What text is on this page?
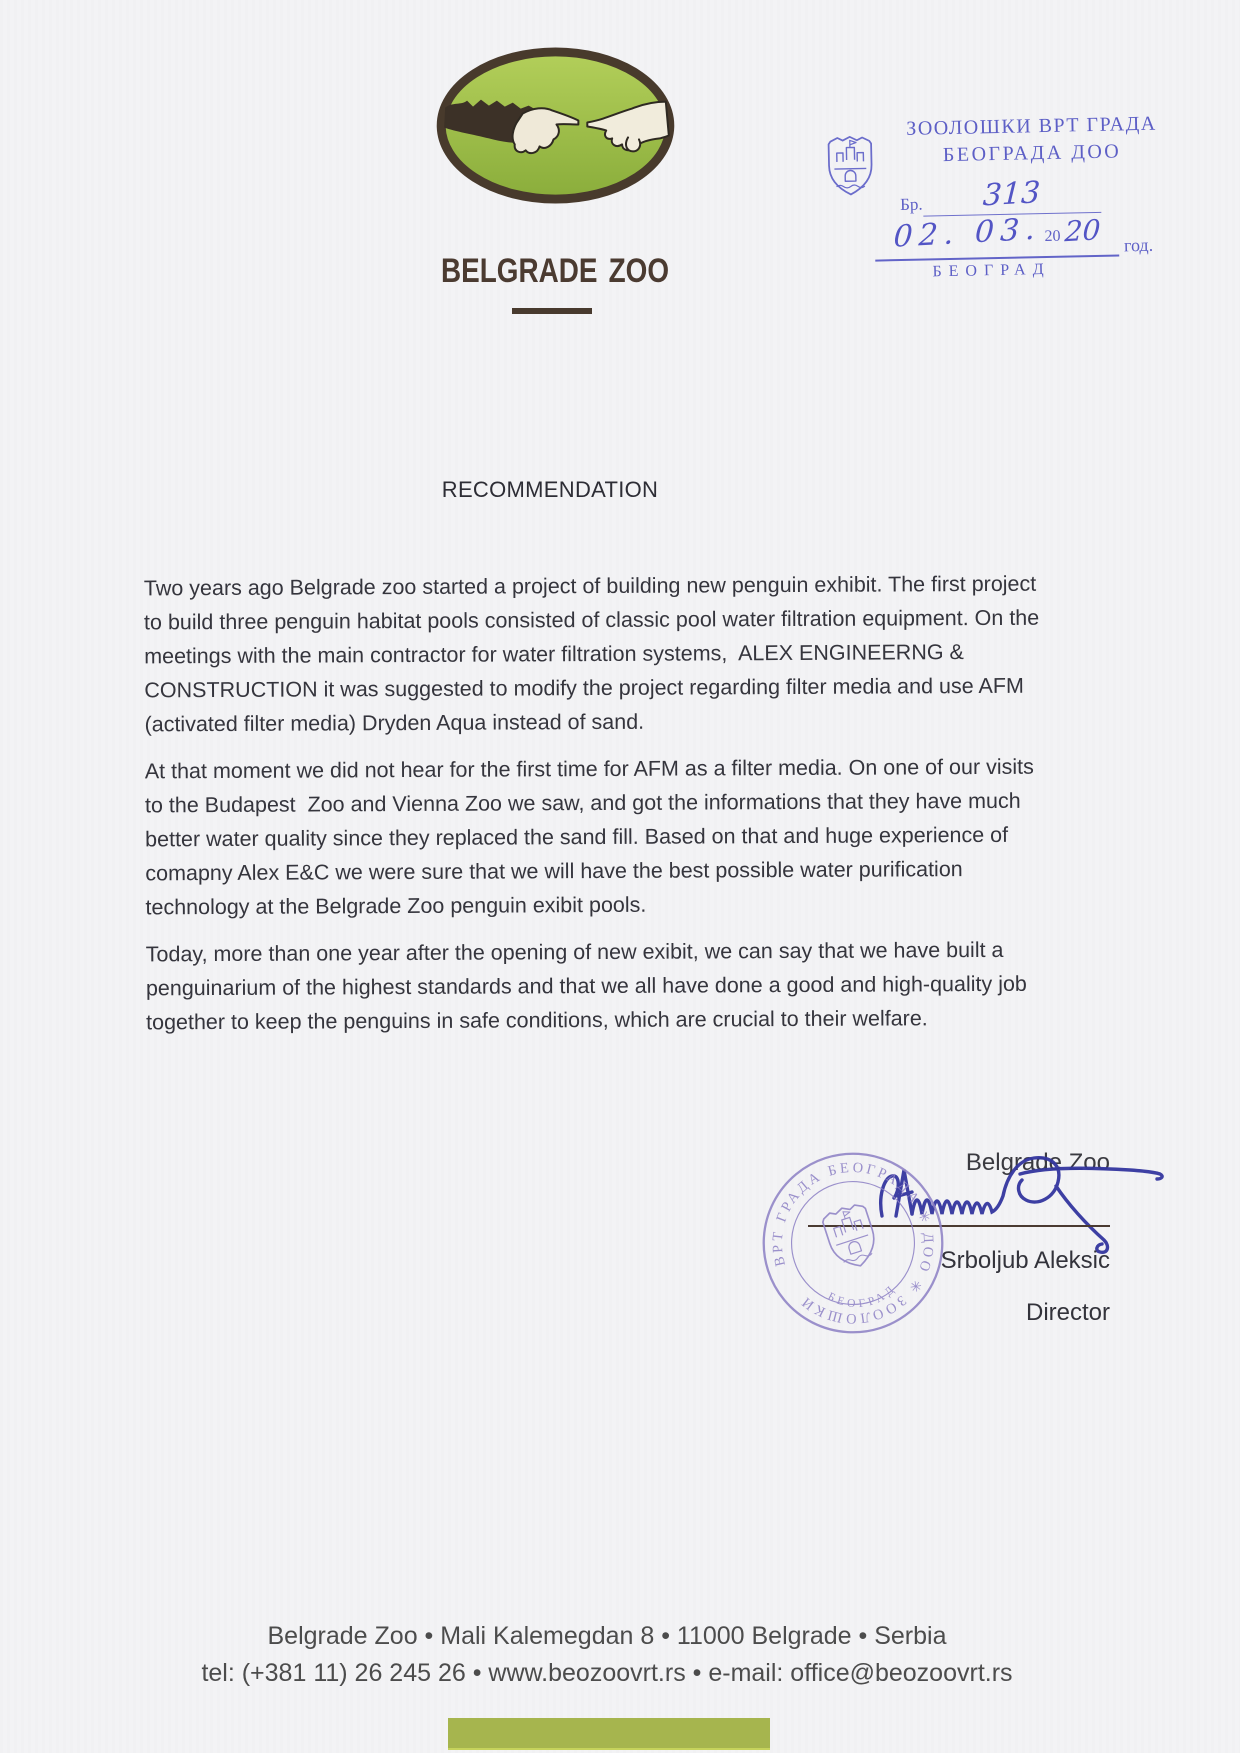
belgrade zoo
ЗООЛОШКИ ВРТ ГРАДА
БЕОГРАДА ДОО
Бр.	313
02. 03. 20 20	год.
БЕОГРАД
RECOMMENDATION

Two years ago Belgrade zoo started a project of building new penguin exhibit. The first project to build three penguin habitat pools consisted of classic pool water filtration equipment. On the meetings with the main contractor for water filtration systems,  ALEX ENGINEERNG & CONSTRUCTION it was suggested to modify the project regarding filter media and use AFM (activated filter media) Dryden Aqua instead of sand.

At that moment we did not hear for the first time for AFM as a filter media. On one of our visits to the Budapest  Zoo and Vienna Zoo we saw, and got the informations that they have much better water quality since they replaced the sand fill. Based on that and huge experience of comapny Alex E&C we were sure that we will have the best possible water purification technology at the Belgrade Zoo penguin exibit pools.

Today, more than one year after the opening of new exibit, we can say that we have built a penguinarium of the highest standards and that we all have done a good and high-quality job together to keep the penguins in safe conditions, which are crucial to their welfare.

Belgrade Zoo
Srboljub Aleksic
Director
ВРТ ГРАДА БЕОГРАДА ✳ ДОО ✳ ЗООЛОШКИ БЕОГРАД
Belgrade Zoo • Mali Kalemegdan 8 • 11000 Belgrade • Serbia
tel: (+381 11) 26 245 26 • www.beozoovrt.rs • e-mail: office@beozoovrt.rs
